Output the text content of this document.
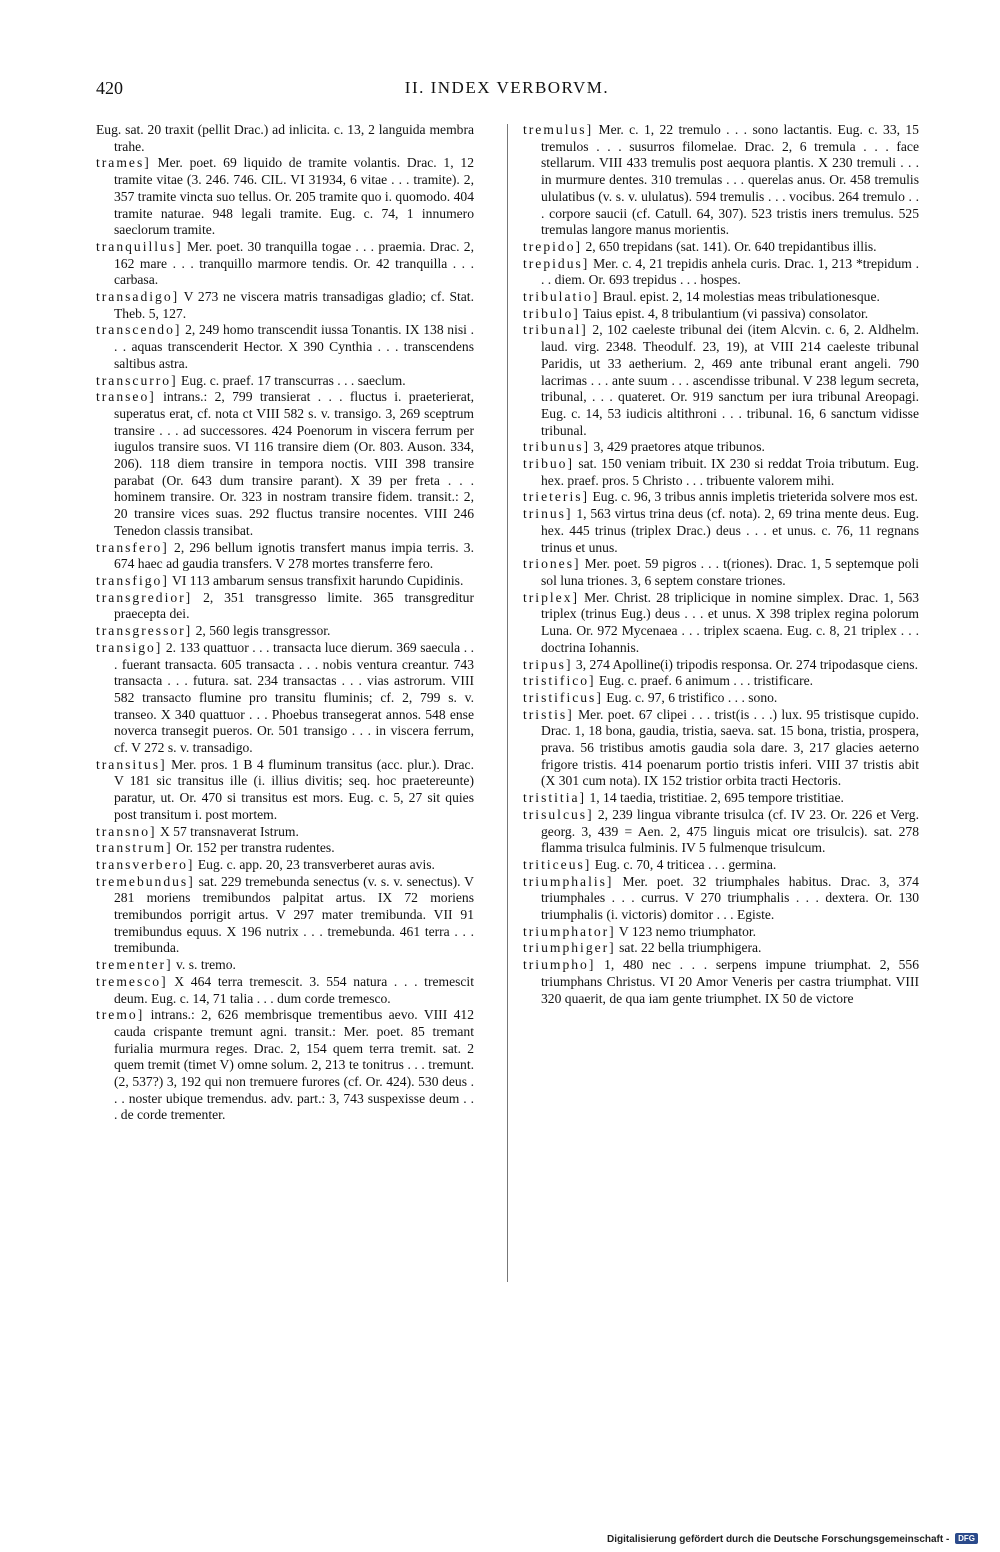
420	II. INDEX VERBORVM.

Eug. sat. 20 traxit (pellit Drac.) ad inlicita. c. 13, 2 languida membra trahe.

trames] Mer. poet. 69 liquido de tramite volantis. Drac. 1, 12 tramite vitae (3. 246. 746. CIL. VI 31934, 6 vitae . . . tramite). 2, 357 tramite vincta suo tellus. Or. 205 tramite quo i. quomodo. 404 tramite naturae. 948 legali tramite. Eug. c. 74, 1 innumero saeclorum tramite.

tranquillus] Mer. poet. 30 tranquilla togae . . . praemia. Drac. 2, 162 mare . . . tranquillo marmore tendis. Or. 42 tranquilla . . . carbasa.

transadigo] V 273 ne viscera matris transadigas gladio; cf. Stat. Theb. 5, 127.

transcendo] 2, 249 homo transcendit iussa Tonantis. IX 138 nisi . . . aquas transcenderit Hector. X 390 Cynthia . . . transcendens saltibus astra.

transcurro] Eug. c. praef. 17 transcurras . . . saeclum.

transeo] intrans.: 2, 799 transierat . . . fluctus i. praeterierat, superatus erat, cf. nota ct VIII 582 s. v. transigo. 3, 269 sceptrum transire . . . ad successores. 424 Poenorum in viscera ferrum per iugulos transire suos. VI 116 transire diem (Or. 803. Auson. 334, 206). 118 diem transire in tempora noctis. VIII 398 transire parabat (Or. 643 dum transire parant). X 39 per freta . . . hominem transire. Or. 323 in nostram transire fidem. transit.: 2, 20 transire vices suas. 292 fluctus transire nocentes. VIII 246 Tenedon classis transibat.

transfero] 2, 296 bellum ignotis transfert manus impia terris. 3. 674 haec ad gaudia transfers. V 278 mortes transferre fero.

transfigo] VI 113 ambarum sensus transfixit harundo Cupidinis.

transgredior] 2, 351 transgresso limite. 365 transgreditur praecepta dei.

transgressor] 2, 560 legis transgressor.

transigo] 2. 133 quattuor . . . transacta luce dierum. 369 saecula . . . fuerant transacta. 605 transacta . . . nobis ventura creantur. 743 transacta . . . futura. sat. 234 transactas . . . vias astrorum. VIII 582 transacto flumine pro transitu fluminis; cf. 2, 799 s. v. transeo. X 340 quattuor . . . Phoebus transegerat annos. 548 ense noverca transegit pueros. Or. 501 transigo . . . in viscera ferrum, cf. V 272 s. v. transadigo.

transitus] Mer. pros. 1 B 4 fluminum transitus (acc. plur.). Drac. V 181 sic transitus ille (i. illius divitis; seq. hoc praetereunte) paratur, ut. Or. 470 si transitus est mors. Eug. c. 5, 27 sit quies post transitum i. post mortem.

transno] X 57 transnaverat Istrum.

transtrum] Or. 152 per transtra rudentes.

transverbero] Eug. c. app. 20, 23 transverberet auras avis.

tremebundus] sat. 229 tremebunda senectus (v. s. v. senectus). V 281 moriens tremibundos palpitat artus. IX 72 moriens tremibundos porrigit artus. V 297 mater tremibunda. VII 91 tremibundus equus. X 196 nutrix . . . tremebunda. 461 terra . . . tremibunda.

trementer] v. s. tremo.

tremesco] X 464 terra tremescit. 3. 554 natura . . . tremescit deum. Eug. c. 14, 71 talia . . . dum corde tremesco.

tremo] intrans.: 2, 626 membrisque trementibus aevo. VIII 412 cauda crispante tremunt agni. transit.: Mer. poet. 85 tremant furialia murmura reges. Drac. 2, 154 quem terra tremit. sat. 2 quem tremit (timet V) omne solum. 2, 213 te tonitrus . . . tremunt. (2, 537?) 3, 192 qui non tremuere furores (cf. Or. 424). 530 deus . . . noster ubique tremendus. adv. part.: 3, 743 suspexisse deum . . . de corde trementer.

tremulus] Mer. c. 1, 22 tremulo . . . sono lactantis. Eug. c. 33, 15 tremulos . . . susurros filomelae. Drac. 2, 6 tremula . . . face stellarum. VIII 433 tremulis post aequora plantis. X 230 tremuli . . . in murmure dentes. 310 tremulas . . . querelas anus. Or. 458 tremulis ululatibus (v. s. v. ululatus). 594 tremulis . . . vocibus. 264 tremulo . . . corpore saucii (cf. Catull. 64, 307). 523 tristis iners tremulus. 525 tremulas langore manus morientis.

trepido] 2, 650 trepidans (sat. 141). Or. 640 trepidantibus illis.

trepidus] Mer. c. 4, 21 trepidis anhela curis. Drac. 1, 213 *trepidum . . . diem. Or. 693 trepidus . . . hospes.

tribulatio] Braul. epist. 2, 14 molestias meas tribulationesque.

tribulo] Taius epist. 4, 8 tribulantium (vi passiva) consolator.

tribunal] 2, 102 caeleste tribunal dei (item Alcvin. c. 6, 2. Aldhelm. laud. virg. 2348. Theodulf. 23, 19), at VIII 214 caeleste tribunal Paridis, ut 33 aetherium. 2, 469 ante tribunal erant angeli. 790 lacrimas . . . ante suum . . . ascendisse tribunal. V 238 legum secreta, tribunal, . . . quateret. Or. 919 sanctum per iura tribunal Areopagi. Eug. c. 14, 53 iudicis altithroni . . . tribunal. 16, 6 sanctum vidisse tribunal.

tribunus] 3, 429 praetores atque tribunos.

tribuo] sat. 150 veniam tribuit. IX 230 si reddat Troia tributum. Eug. hex. praef. pros. 5 Christo . . . tribuente valorem mihi.

trieteris] Eug. c. 96, 3 tribus annis impletis trieterida solvere mos est.

trinus] 1, 563 virtus trina deus (cf. nota). 2, 69 trina mente deus. Eug. hex. 445 trinus (triplex Drac.) deus . . . et unus. c. 76, 11 regnans trinus et unus.

triones] Mer. poet. 59 pigros . . . t(riones). Drac. 1, 5 septemque poli sol luna triones. 3, 6 septem constare triones.

triplex] Mer. Christ. 28 triplicique in nomine simplex. Drac. 1, 563 triplex (trinus Eug.) deus . . . et unus. X 398 triplex regina polorum Luna. Or. 972 Mycenaea . . . triplex scaena. Eug. c. 8, 21 triplex . . . doctrina Iohannis.

tripus] 3, 274 Apolline(i) tripodis responsa. Or. 274 tripodasque ciens.

tristifico] Eug. c. praef. 6 animum . . . tristificare.

tristificus] Eug. c. 97, 6 tristifico . . . sono.

tristis] Mer. poet. 67 clipei . . . trist(is . . .) lux. 95 tristisque cupido. Drac. 1, 18 bona, gaudia, tristia, saeva. sat. 15 bona, tristia, prospera, prava. 56 tristibus amotis gaudia sola dare. 3, 217 glacies aeterno frigore tristis. 414 poenarum portio tristis inferi. VIII 37 tristis abit (X 301 cum nota). IX 152 tristior orbita tracti Hectoris.

tristitia] 1, 14 taedia, tristitiae. 2, 695 tempore tristitiae.

trisulcus] 2, 239 lingua vibrante trisulca (cf. IV 23. Or. 226 et Verg. georg. 3, 439 = Aen. 2, 475 linguis micat ore trisulcis). sat. 278 flamma trisulca fulminis. IV 5 fulmenque trisulcum.

triticeus] Eug. c. 70, 4 triticea . . . germina.

triumphalis] Mer. poet. 32 triumphales habitus. Drac. 3, 374 triumphales . . . currus. V 270 triumphalis . . . dextera. Or. 130 triumphalis (i. victoris) domitor . . . Egiste.

triumphator] V 123 nemo triumphator.

triumphiger] sat. 22 bella triumphigera.

triumpho] 1, 480 nec . . . serpens impune triumphat. 2, 556 triumphans Christus. VI 20 Amor Veneris per castra triumphat. VIII 320 quaerit, de qua iam gente triumphet. IX 50 de victore

Digitalisierung gefördert durch die Deutsche Forschungsgemeinschaft - DFG
